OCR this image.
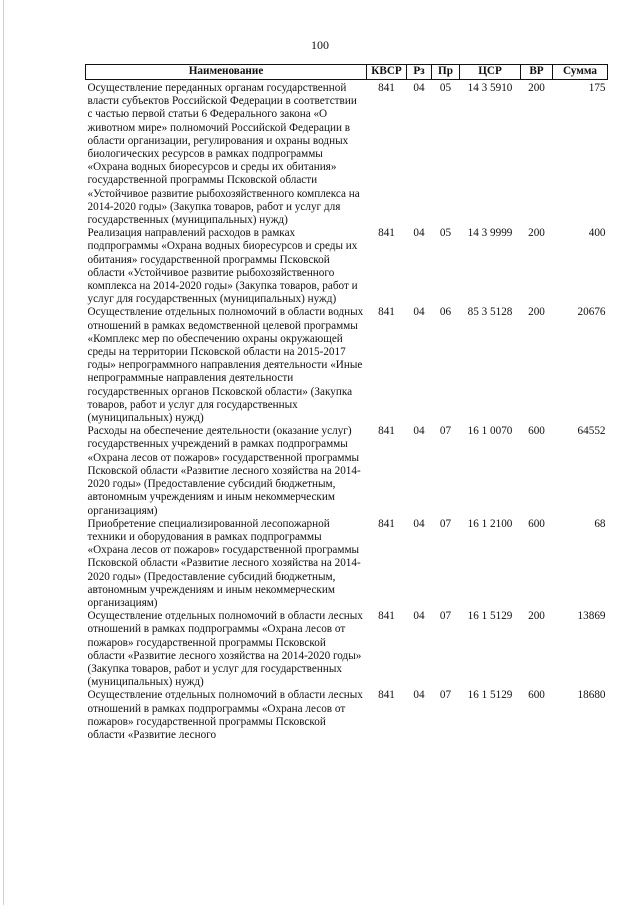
100
Наименование	КВСР	Рз	Пр	ЦСР	ВР	Сумма
Осуществление переданных органам государственной власти субъектов Российской Федерации в соответствии с частью первой статьи 6 Федерального закона «О животном мире» полномочий Российской Федерации в области организации, регулирования и охраны водных биологических ресурсов в рамках подпрограммы «Охрана водных биоресурсов и среды их обитания» государственной программы Псковской области «Устойчивое развитие рыбохозяйственного комплекса на 2014-2020 годы» (Закупка товаров, работ и услуг для государственных (муниципальных) нужд)	841	04	05	14 3 5910	200	175
Реализация направлений расходов в рамках подпрограммы «Охрана водных биоресурсов и среды их обитания» государственной программы Псковской области «Устойчивое развитие рыбохозяйственного комплекса на 2014-2020 годы» (Закупка товаров, работ и услуг для государственных (муниципальных) нужд)	841	04	05	14 3 9999	200	400
Осуществление отдельных полномочий в области водных отношений в рамках ведомственной целевой программы «Комплекс мер по обеспечению охраны окружающей среды на территории Псковской области на 2015-2017 годы» непрограммного направления деятельности «Иные непрограммные направления деятельности государственных органов Псковской области» (Закупка товаров, работ и услуг для государственных (муниципальных) нужд)	841	04	06	85 3 5128	200	20676
Расходы на обеспечение деятельности (оказание услуг) государственных учреждений в рамках подпрограммы «Охрана лесов от пожаров» государственной программы Псковской области «Развитие лесного хозяйства на 2014-2020 годы» (Предоставление субсидий бюджетным, автономным учреждениям и иным некоммерческим организациям)	841	04	07	16 1 0070	600	64552
Приобретение специализированной лесопожарной техники и оборудования в рамках подпрограммы «Охрана лесов от пожаров» государственной программы Псковской области «Развитие лесного хозяйства на 2014-2020 годы» (Предоставление субсидий бюджетным, автономным учреждениям и иным некоммерческим организациям)	841	04	07	16 1 2100	600	68
Осуществление отдельных полномочий в области лесных отношений в рамках подпрограммы «Охрана лесов от пожаров» государственной программы Псковской области «Развитие лесного хозяйства на 2014-2020 годы» (Закупка товаров, работ и услуг для государственных (муниципальных) нужд)	841	04	07	16 1 5129	200	13869
Осуществление отдельных полномочий в области лесных отношений в рамках подпрограммы «Охрана лесов от пожаров» государственной программы Псковской области «Развитие лесного	841	04	07	16 1 5129	600	18680
